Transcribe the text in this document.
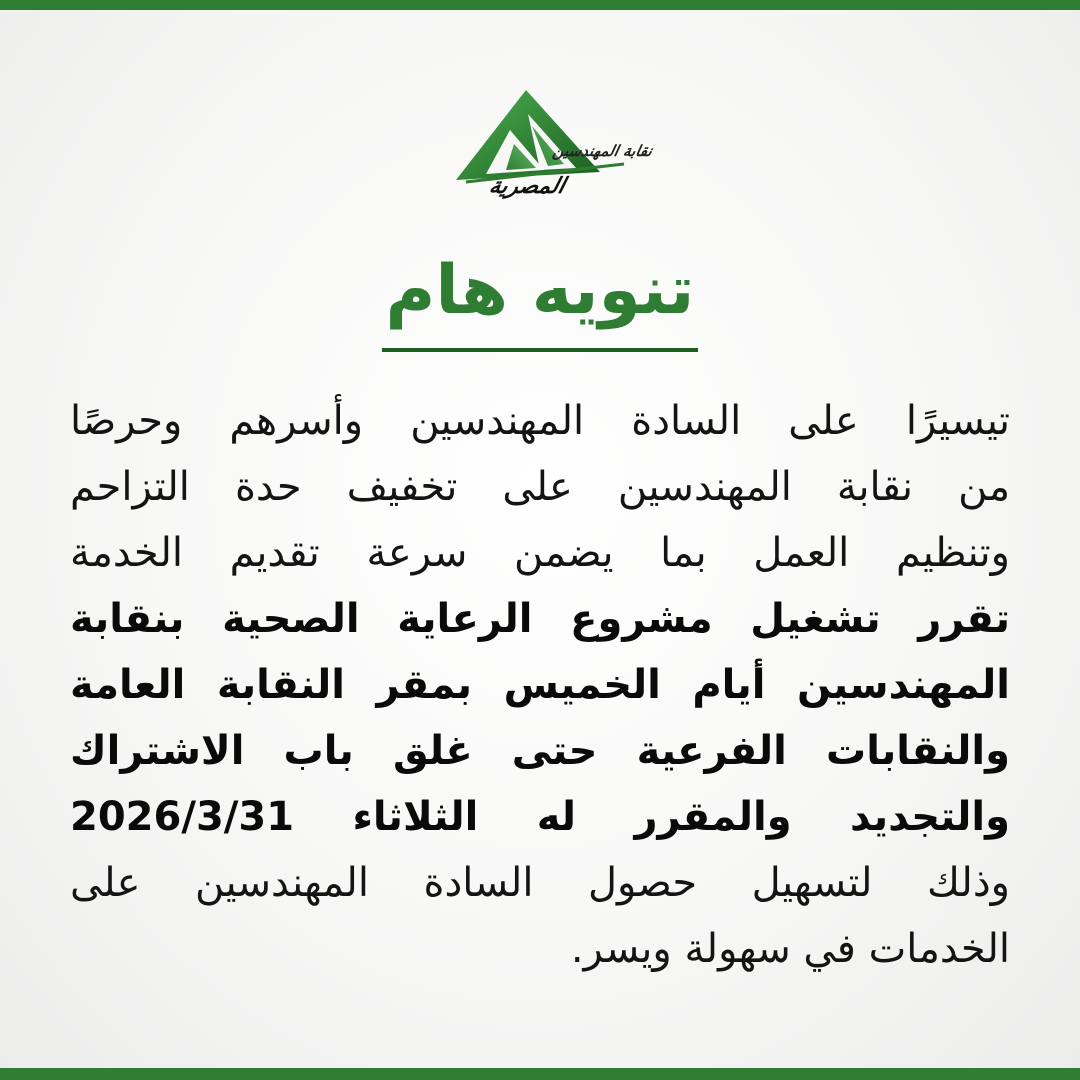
نقابة المهندسين
المصرية
تنويه هام
تيسيرًا على السادة المهندسين وأسرهم وحرصًا
من نقابة المهندسين على تخفيف حدة التزاحم
وتنظيم العمل بما يضمن سرعة تقديم الخدمة
تقرر تشغيل مشروع الرعاية الصحية بنقابة
المهندسين أيام الخميس بمقر النقابة العامة
والنقابات الفرعية حتى غلق باب الاشتراك
والتجديد والمقرر له الثلاثاء 2026/3/31
وذلك لتسهيل حصول السادة المهندسين على
الخدمات في سهولة ويسر.
